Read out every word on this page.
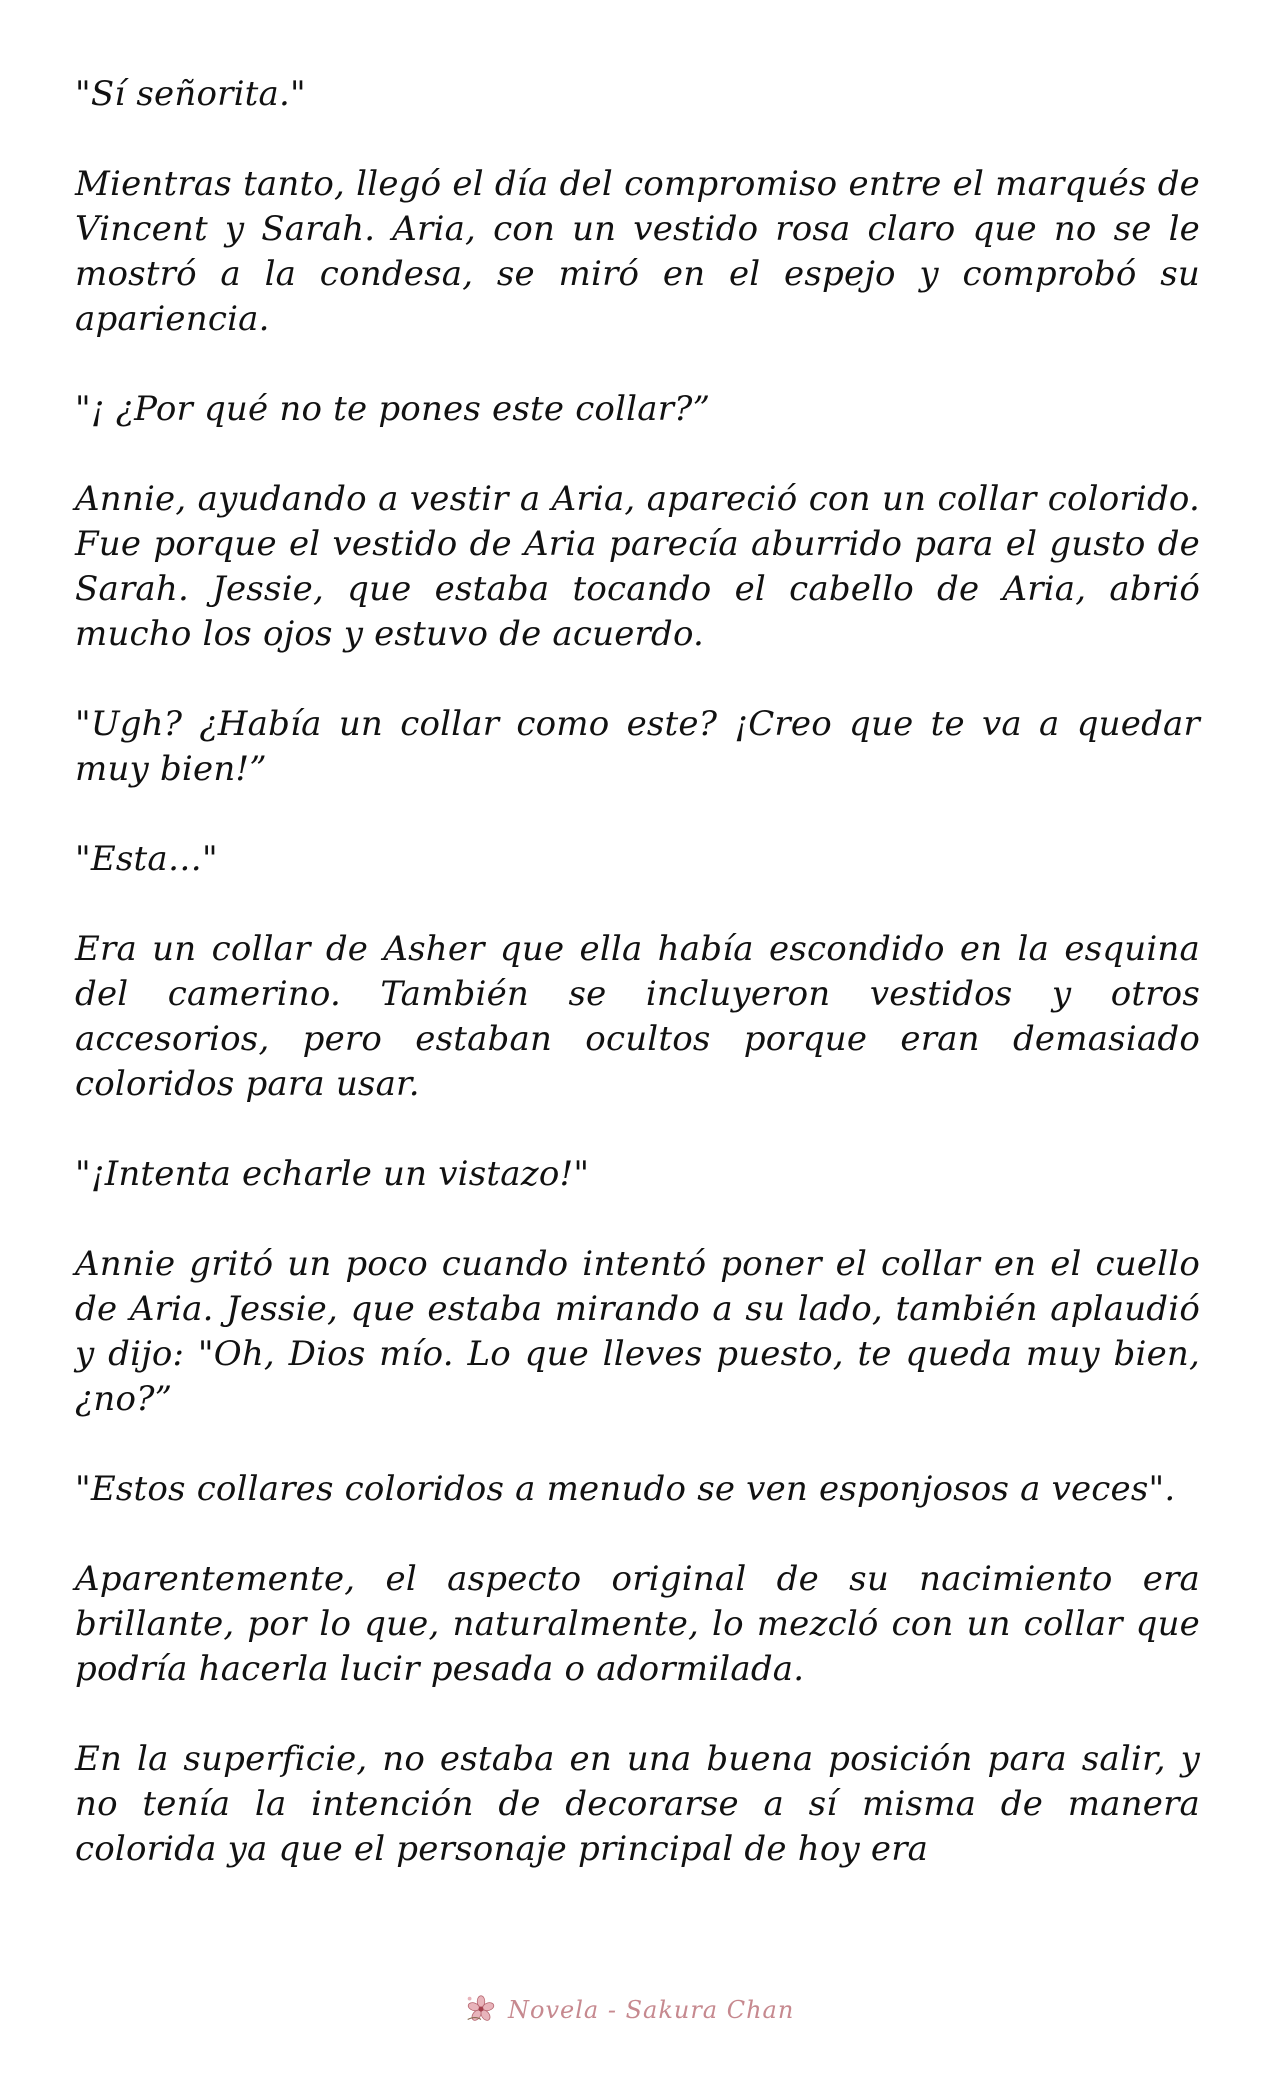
"Sí señorita."

Mientras tanto, llegó el día del compromiso entre el marqués de Vincent y Sarah. Aria, con un vestido rosa claro que no se le mostró a la condesa, se miró en el espejo y comprobó su apariencia.

"¡ ¿Por qué no te pones este collar?”

Annie, ayudando a vestir a Aria, apareció con un collar colorido. Fue porque el vestido de Aria parecía aburrido para el gusto de Sarah. Jessie, que estaba tocando el cabello de Aria, abrió mucho los ojos y estuvo de acuerdo.

"Ugh? ¿Había un collar como este? ¡Creo que te va a quedar muy bien!”

"Esta…"

Era un collar de Asher que ella había escondido en la esquina del camerino. También se incluyeron vestidos y otros accesorios, pero estaban ocultos porque eran demasiado coloridos para usar.

"¡Intenta echarle un vistazo!"

Annie gritó un poco cuando intentó poner el collar en el cuello de Aria. Jessie, que estaba mirando a su lado, también aplaudió y dijo: "Oh, Dios mío. Lo que lleves puesto, te queda muy bien, ¿no?”

"Estos collares coloridos a menudo se ven esponjosos a veces".

Aparentemente, el aspecto original de su nacimiento era brillante, por lo que, naturalmente, lo mezcló con un collar que podría hacerla lucir pesada o adormilada.

En la superficie, no estaba en una buena posición para salir, y no tenía la intención de decorarse a sí misma de manera colorida ya que el personaje principal de hoy era

Novela - Sakura Chan
